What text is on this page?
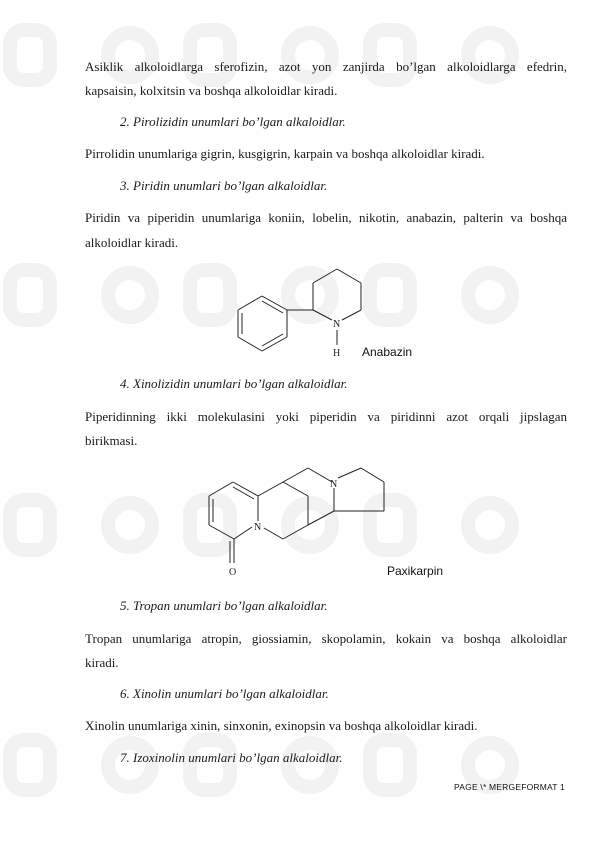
Asiklik alkoloidlarga sferofizin, azot yon zanjirda bo’lgan alkoloidlarga efedrin,
kapsaisin, kolxitsin va boshqa alkoloidlar kiradi.
2. Pirolizidin unumlari bo’lgan alkaloidlar.
Pirrolidin unumlariga gigrin, kusgigrin, karpain va boshqa alkoloidlar kiradi.
3. Piridin unumlari bo’lgan alkaloidlar.
Piridin va piperidin unumlariga koniin, lobelin, nikotin, anabazin, palterin va boshqa
alkoloidlar kiradi.
N
H Anabazin
4. Xinolizidin unumlari bo’lgan alkaloidlar.
Piperidinning ikki molekulasini yoki piperidin va piridinni azot orqali jipslagan
birikmasi.
O
N
N
Paxikarpin
5. Tropan unumlari bo’lgan alkaloidlar.
Tropan unumlariga atropin, giossiamin, skopolamin, kokain va boshqa alkoloidlar
kiradi.
6. Xinolin unumlari bo’lgan alkaloidlar.
Xinolin unumlariga xinin, sinxonin, exinopsin va boshqa alkoloidlar kiradi.
7. Izoxinolin unumlari bo’lgan alkaloidlar.
PAGE \* MERGEFORMAT 1
